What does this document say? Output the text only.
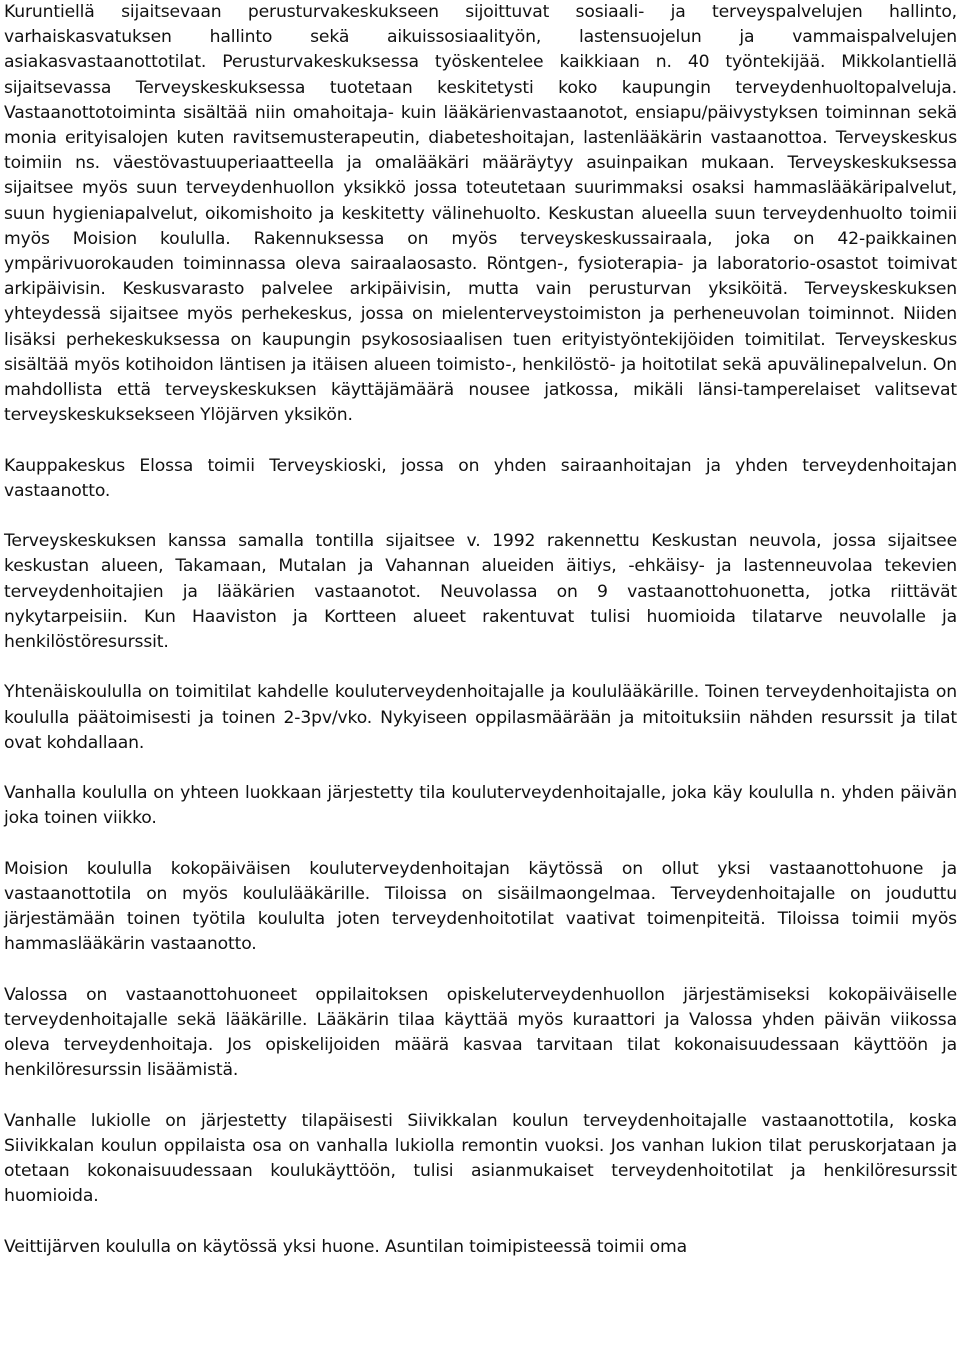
Kuruntiellä sijaitsevaan perusturvakeskukseen sijoittuvat sosiaali- ja terveyspalvelujen hallinto, varhaiskasvatuksen hallinto sekä aikuissosiaalityön, lastensuojelun ja vammaispalvelujen asiakasvastaanottotilat. Perusturvakeskuksessa työskentelee kaikkiaan n. 40 työntekijää. Mikkolantiellä sijaitsevassa Terveyskeskuksessa tuotetaan keskitetysti koko kaupungin terveydenhuoltopalveluja. Vastaanottotoiminta sisältää niin omahoitaja- kuin lääkärienvastaanotot, ensiapu/päivystyksen toiminnan sekä monia erityisalojen kuten ravitsemusterapeutin, diabeteshoitajan, lastenlääkärin vastaanottoa. Terveyskeskus toimiin ns. väestövastuuperiaatteella ja omalääkäri määräytyy asuinpaikan mukaan. Terveyskeskuksessa sijaitsee myös suun terveydenhuollon yksikkö jossa toteutetaan suurimmaksi osaksi hammaslääkäripalvelut, suun hygieniapalvelut, oikomishoito ja keskitetty välinehuolto. Keskustan alueella suun terveydenhuolto toimii myös Moision koululla. Rakennuksessa on myös terveyskeskussairaala, joka on 42-paikkainen ympärivuorokauden toiminnassa oleva sairaalaosasto. Röntgen-, fysioterapia- ja laboratorio-osastot toimivat arkipäivisin. Keskusvarasto palvelee arkipäivisin, mutta vain perusturvan yksiköitä. Terveyskeskuksen yhteydessä sijaitsee myös perhekeskus, jossa on mielenterveystoimiston ja perheneuvolan toiminnot. Niiden lisäksi perhekeskuksessa on kaupungin psykososiaalisen tuen erityistyöntekijöiden toimitilat. Terveyskeskus sisältää myös kotihoidon läntisen ja itäisen alueen toimisto-, henkilöstö- ja hoitotilat sekä apuvälinepalvelun. On mahdollista että terveyskeskuksen käyttäjämäärä nousee jatkossa, mikäli länsi-tamperelaiset valitsevat terveyskeskuksekseen Ylöjärven yksikön.

Kauppakeskus Elossa toimii Terveyskioski, jossa on yhden sairaanhoitajan ja yhden terveydenhoitajan vastaanotto.

Terveyskeskuksen kanssa samalla tontilla sijaitsee v. 1992 rakennettu Keskustan neuvola, jossa sijaitsee keskustan alueen, Takamaan, Mutalan ja Vahannan alueiden äitiys, -ehkäisy- ja lastenneuvolaa tekevien terveydenhoitajien ja lääkärien vastaanotot. Neuvolassa on 9 vastaanottohuonetta, jotka riittävät nykytarpeisiin. Kun Haaviston ja Kortteen alueet rakentuvat tulisi huomioida tilatarve neuvolalle ja henkilöstöresurssit.

Yhtenäiskoululla on toimitilat kahdelle kouluterveydenhoitajalle ja koululääkärille. Toinen terveydenhoitajista on koululla päätoimisesti ja toinen 2-3pv/vko. Nykyiseen oppilasmäärään ja mitoituksiin nähden resurssit ja tilat ovat kohdallaan.

Vanhalla koululla on yhteen luokkaan järjestetty tila kouluterveydenhoitajalle, joka käy koululla n. yhden päivän joka toinen viikko.

Moision koululla kokopäiväisen kouluterveydenhoitajan käytössä on ollut yksi vastaanottohuone ja vastaanottotila on myös koululääkärille. Tiloissa on sisäilmaongelmaa. Terveydenhoitajalle on jouduttu järjestämään toinen työtila koululta joten terveydenhoitotilat vaativat toimenpiteitä. Tiloissa toimii myös hammaslääkärin vastaanotto.

Valossa on vastaanottohuoneet oppilaitoksen opiskeluterveydenhuollon järjestämiseksi kokopäiväiselle terveydenhoitajalle sekä lääkärille. Lääkärin tilaa käyttää myös kuraattori ja Valossa yhden päivän viikossa oleva terveydenhoitaja. Jos opiskelijoiden määrä kasvaa tarvitaan tilat kokonaisuudessaan käyttöön ja henkilöresurssin lisäämistä.

Vanhalle lukiolle on järjestetty tilapäisesti Siivikkalan koulun terveydenhoitajalle vastaanottotila, koska Siivikkalan koulun oppilaista osa on vanhalla lukiolla remontin vuoksi. Jos vanhan lukion tilat peruskorjataan ja otetaan kokonaisuudessaan koulukäyttöön, tulisi asianmukaiset terveydenhoitotilat ja henkilöresurssit huomioida.

Veittijärven koululla on käytössä yksi huone. Asuntilan toimipisteessä toimii oma
